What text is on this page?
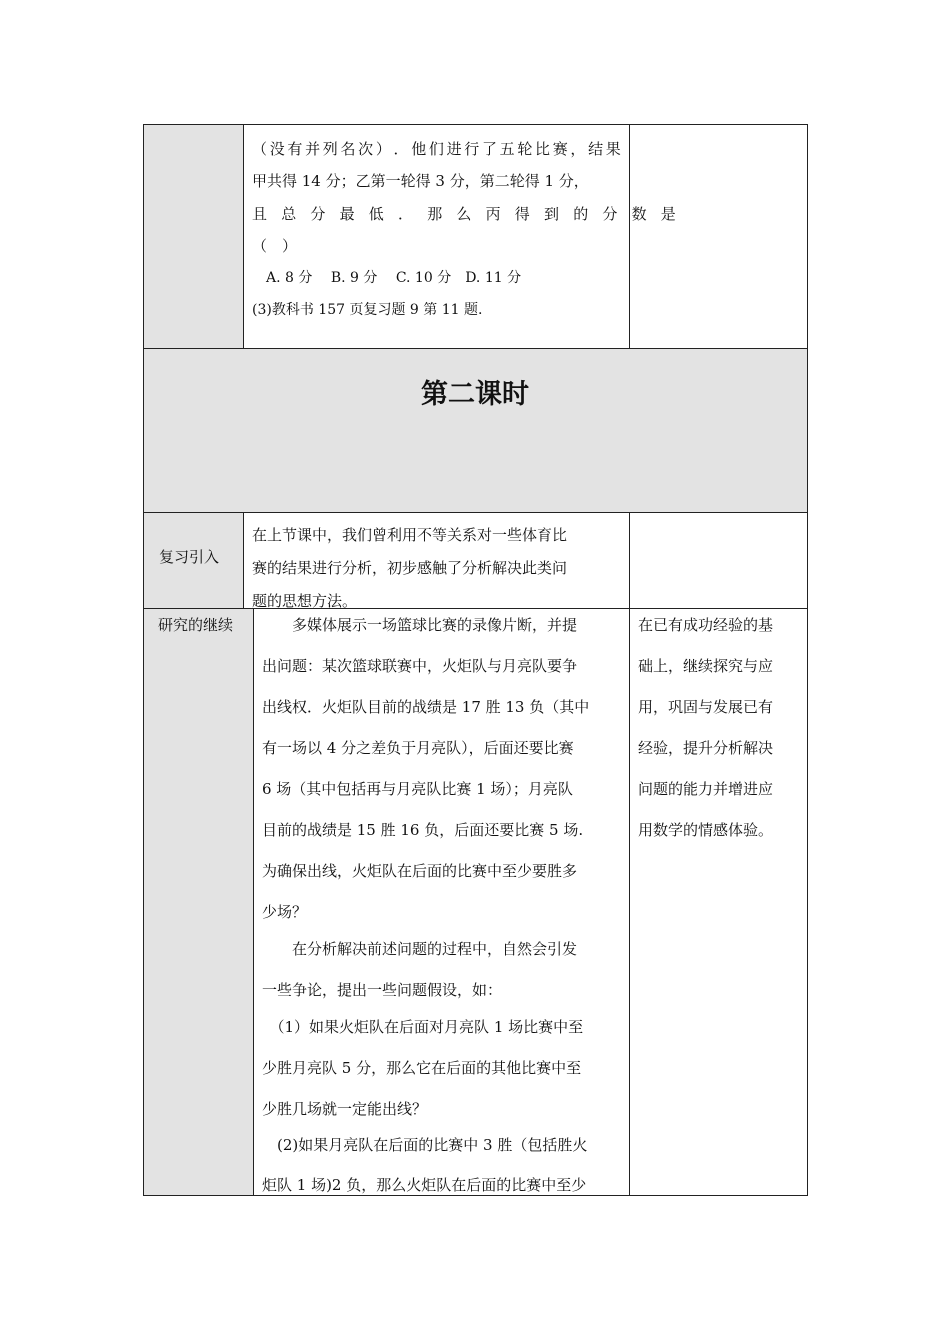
（ 没 有 并 列 名 次 ） ． 他 们 进 行 了 五 轮 比 赛 ， 结 果
甲共得 14 分；乙第一轮得 3 分，第二轮得 1 分，
且总分最低．那么丙得到的分数是
（　）
　A. 8 分　 B. 9 分　 C. 10 分　D. 11 分
(3)教科书 157 页复习题 9 第 11 题.
第二课时
复习引入
在上节课中，我们曾利用不等关系对一些体育比
赛的结果进行分析，初步感触了分析解决此类问
题的思想方法。
研究的继续 　　多媒体展示一场篮球比赛的录像片断，并提
出问题：某次篮球联赛中，火炬队与月亮队要争
出线权．火炬队目前的战绩是 17 胜 13 负（其中
有一场以 4 分之差负于月亮队），后面还要比赛
6 场（其中包括再与月亮队比赛 1 场）；月亮队
目前的战绩是 15 胜 16 负，后面还要比赛 5 场.
为确保出线，火炬队在后面的比赛中至少要胜多
少场？
　　在分析解决前述问题的过程中，自然会引发
一些争论，提出一些问题假设，如：
　（1）如果火炬队在后面对月亮队 1 场比赛中至
少胜月亮队 5 分，那么它在后面的其他比赛中至
少胜几场就一定能出线？
　(2)如果月亮队在后面的比赛中 3 胜（包括胜火
炬队 1 场)2 负，那么火炬队在后面的比赛中至少
在已有成功经验的基
础上，继续探究与应
用，巩固与发展已有
经验，提升分析解决
问题的能力并增进应
用数学的情感体验。
